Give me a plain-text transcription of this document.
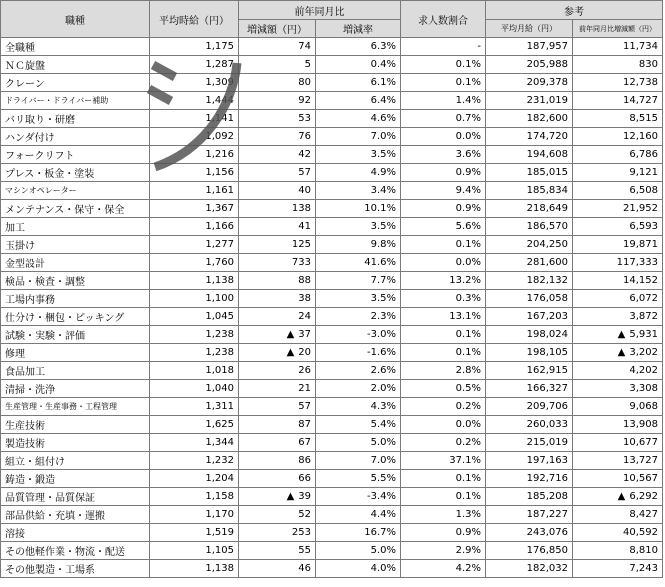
職種	平均時給（円）	前年同月比		求人数割合	参考	
		増減額（円）	増減率		平均月給（円）	前年同月比増減額（円）
全職種	1,175	74	6.3%	-	187,957	11,734
ＮＣ旋盤	1,287	5	0.4%	0.1%	205,988	830
クレーン	1,309	80	6.1%	0.1%	209,378	12,738
ドライバー・ドライバー補助	1,444	92	6.4%	1.4%	231,019	14,727
バリ取り・研磨	1,141	53	4.6%	0.7%	182,600	8,515
ハンダ付け	1,092	76	7.0%	0.0%	174,720	12,160
フォークリフト	1,216	42	3.5%	3.6%	194,608	6,786
プレス・板金・塗装	1,156	57	4.9%	0.9%	185,015	9,121
マシンオペレーター	1,161	40	3.4%	9.4%	185,834	6,508
メンテナンス・保守・保全	1,367	138	10.1%	0.9%	218,649	21,952
加工	1,166	41	3.5%	5.6%	186,570	6,593
玉掛け	1,277	125	9.8%	0.1%	204,250	19,871
金型設計	1,760	733	41.6%	0.0%	281,600	117,333
検品・検査・調整	1,138	88	7.7%	13.2%	182,132	14,152
工場内事務	1,100	38	3.5%	0.3%	176,058	6,072
仕分け・梱包・ピッキング	1,045	24	2.3%	13.1%	167,203	3,872
試験・実験・評価	1,238	▲ 37	-3.0%	0.1%	198,024	▲ 5,931
修理	1,238	▲ 20	-1.6%	0.1%	198,105	▲ 3,202
食品加工	1,018	26	2.6%	2.8%	162,915	4,202
清掃・洗浄	1,040	21	2.0%	0.5%	166,327	3,308
生産管理・生産事務・工程管理	1,311	57	4.3%	0.2%	209,706	9,068
生産技術	1,625	87	5.4%	0.0%	260,033	13,908
製造技術	1,344	67	5.0%	0.2%	215,019	10,677
組立・組付け	1,232	86	7.0%	37.1%	197,163	13,727
鋳造・鍛造	1,204	66	5.5%	0.1%	192,716	10,567
品質管理・品質保証	1,158	▲ 39	-3.4%	0.1%	185,208	▲ 6,292
部品供給・充填・運搬	1,170	52	4.4%	1.3%	187,227	8,427
溶接	1,519	253	16.7%	0.9%	243,076	40,592
その他軽作業・物流・配送	1,105	55	5.0%	2.9%	176,850	8,810
その他製造・工場系	1,138	46	4.0%	4.2%	182,032	7,243
